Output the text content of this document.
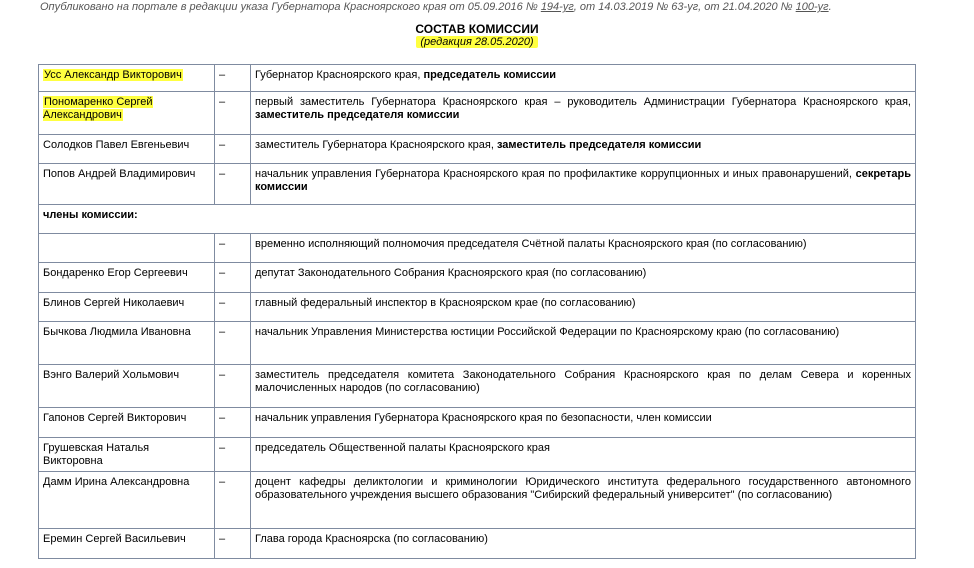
Опубликовано на портале в редакции указа Губернатора Красноярского края от 05.09.2016 № 194-уг, от 14.03.2019 № 63-уг, от 21.04.2020 № 100-уг.
СОСТАВ КОМИССИИ
(редакция 28.05.2020)
Усс Александр Викторович	–	Губернатор Красноярского края, председатель комиссии
Пономаренко Сергей Александрович	–	первый заместитель Губернатора Красноярского края – руководитель Администрации Губернатора Красноярского края, заместитель председателя комиссии
Солодков Павел Евгеньевич	–	заместитель Губернатора Красноярского края, заместитель председателя комиссии
Попов Андрей Владимирович	–	начальник управления Губернатора Красноярского края по профилактике коррупционных и иных правонарушений, секретарь комиссии
члены комиссии:		
	–	временно исполняющий полномочия председателя Счётной палаты Красноярского края (по согласованию)
Бондаренко Егор Сергеевич	–	депутат Законодательного Собрания Красноярского края (по согласованию)
Блинов Сергей Николаевич	–	главный федеральный инспектор в Красноярском крае (по согласованию)
Бычкова Людмила Ивановна	–	начальник Управления Министерства юстиции Российской Федерации по Красноярскому краю (по согласованию)
Вэнго Валерий Хольмович	–	заместитель председателя комитета Законодательного Собрания Красноярского края по делам Севера и коренных малочисленных народов (по согласованию)
Гапонов Сергей Викторович	–	начальник управления Губернатора Красноярского края по безопасности, член комиссии
Грушевская Наталья Викторовна	–	председатель Общественной палаты Красноярского края
Дамм Ирина Александровна	–	доцент кафедры деликтологии и криминологии Юридического института федерального государственного автономного образовательного учреждения высшего образования "Сибирский федеральный университет" (по согласованию)
Еремин Сергей Васильевич	–	Глава города Красноярска (по согласованию)
